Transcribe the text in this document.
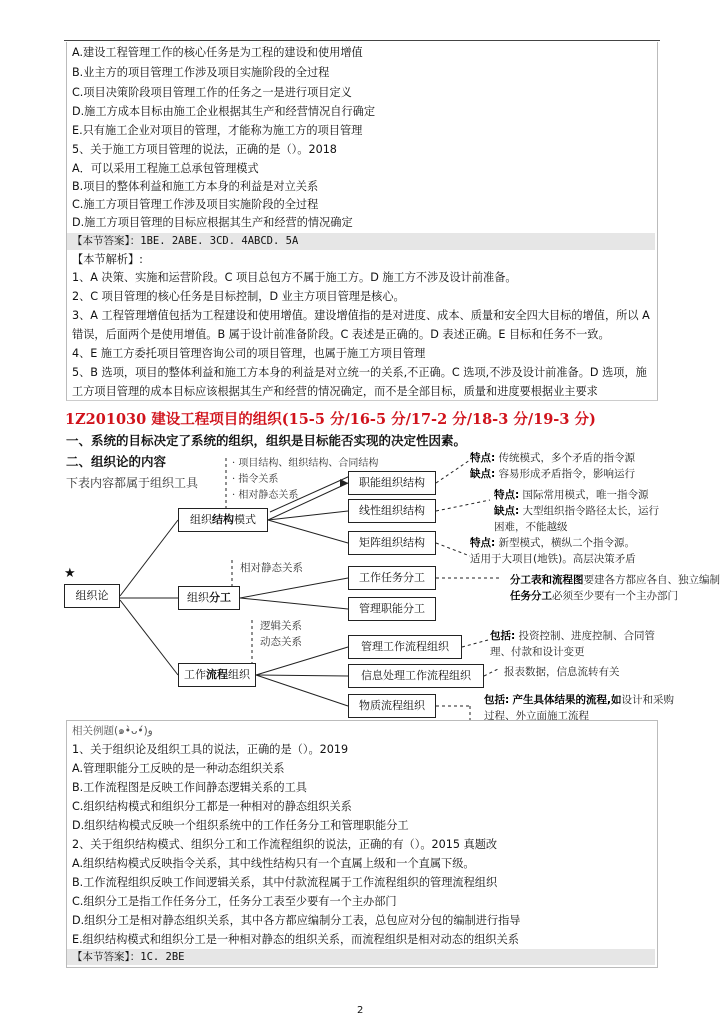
A.建设工程管理工作的核心任务是为工程的建设和使用增值
B.业主方的项目管理工作涉及项目实施阶段的全过程
C.项目决策阶段项目管理工作的任务之一是进行项目定义
D.施工方成本目标由施工企业根据其生产和经营情况自行确定
E.只有施工企业对项目的管理，才能称为施工方的项目管理
5、关于施工方项目管理的说法，正确的是（）。2018
A．可以采用工程施工总承包管理模式
B.项目的整体利益和施工方本身的利益是对立关系
C.施工方项目管理工作涉及项目实施阶段的全过程
D.施工方项目管理的目标应根据其生产和经营的情况确定
【本节答案】：1BE. 2ABE. 3CD. 4ABCD. 5A
【本节解析】:
1、A 决策、实施和运营阶段。C 项目总包方不属于施工方。D 施工方不涉及设计前准备。
2、C 项目管理的核心任务是目标控制，D 业主方项目管理是核心。
3、A 工程管理增值包括为工程建设和使用增值。建设增值指的是对进度、成本、质量和安全四大目标的增值，所以 A 错误，后面两个是使用增值。B 属于设计前准备阶段。C 表述是正确的。D 表述正确。E 目标和任务不一致。
4、E 施工方委托项目管理咨询公司的项目管理，也属于施工方项目管理
5、B 选项，项目的整体利益和施工方本身的利益是对立统一的关系,不正确。C 选项,不涉及设计前准备。D 选项，施工方项目管理的成本目标应该根据其生产和经营的情况确定，而不是全部目标，质量和进度要根据业主要求
1Z201030 建设工程项目的组织(15-5 分/16-5 分/17-2 分/18-3 分/19-3 分)
一、系统的目标决定了系统的组织，组织是目标能否实现的决定性因素。
二、组织论的内容
下表内容都属于组织工具
· 项目结构、组织结构、合同结构
· 指令关系
· 相对静态关系
★
组织论
组织结构模式
组织分工
工作流程组织
职能组织结构
线性组织结构
矩阵组织结构
工作任务分工
管理职能分工
管理工作流程组织
信息处理工作流程组织
物质流程组织
相对静态关系
逻辑关系
动态关系
特点: 传统模式，多个矛盾的指令源
缺点: 容易形成矛盾指令，影响运行
特点: 国际常用模式，唯一指令源
缺点: 大型组织指令路径太长，运行
困难，不能越级
特点: 新型模式，横纵二个指令源。
适用于大项目(地铁)。高层决策矛盾
分工表和流程图要建各方都应各自、独立编制
任务分工必须至少要有一个主办部门
包括: 投资控制、进度控制、合同管
理、付款和设计变更
报表数据，信息流转有关
包括: 产生具体结果的流程,如设计和采购
过程、外立面施工流程
相关例题(๑•̀ᴗ•́)و
1、关于组织论及组织工具的说法，正确的是（）。2019
A.管理职能分工反映的是一种动态组织关系
B.工作流程图是反映工作间静态逻辑关系的工具
C.组织结构模式和组织分工都是一种相对的静态组织关系
D.组织结构模式反映一个组织系统中的工作任务分工和管理职能分工
2、关于组织结构模式、组织分工和工作流程组织的说法，正确的有（）。2015 真题改
A.组织结构模式反映指令关系，其中线性结构只有一个直属上级和一个直属下级。
B.工作流程组织反映工作间逻辑关系，其中付款流程属于工作流程组织的管理流程组织
C.组织分工是指工作任务分工，任务分工表至少要有一个主办部门
D.组织分工是相对静态组织关系，其中各方都应编制分工表，总包应对分包的编制进行指导
E.组织结构模式和组织分工是一种相对静态的组织关系，而流程组织是相对动态的组织关系
【本节答案】：1C. 2BE
2
